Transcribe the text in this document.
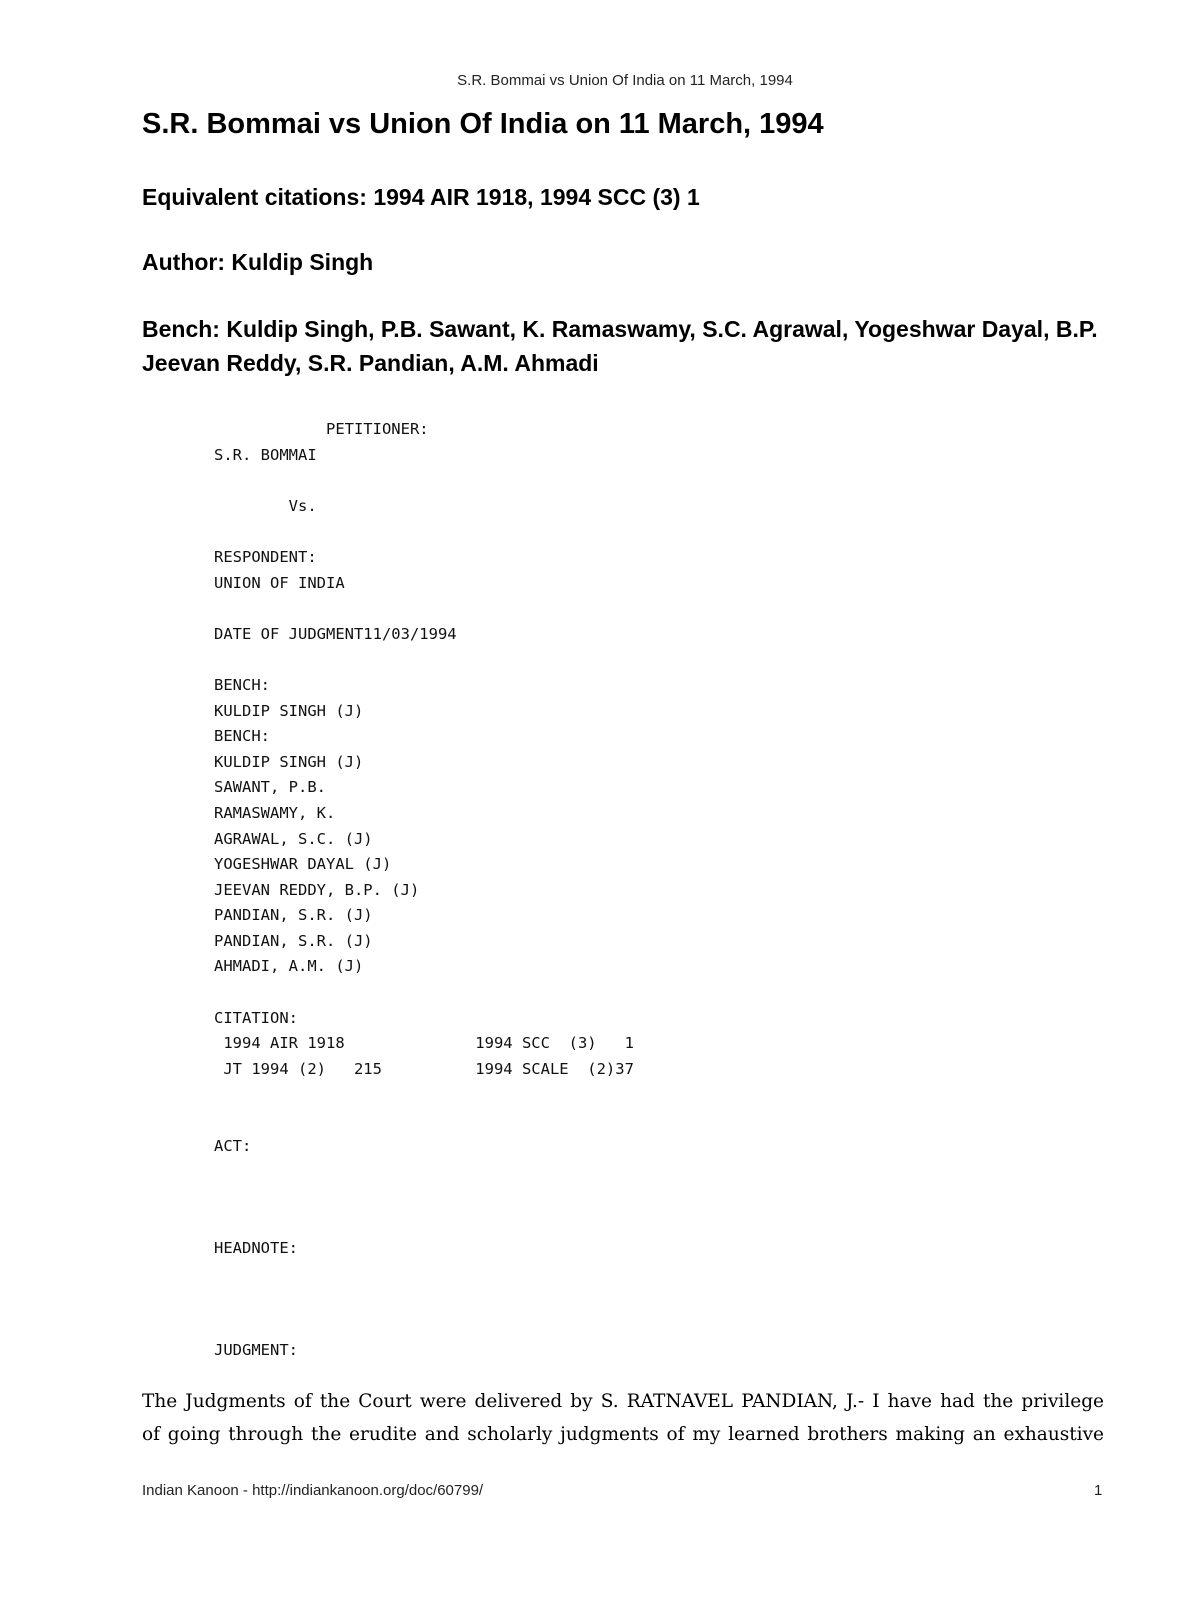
S.R. Bommai vs Union Of India on 11 March, 1994
S.R. Bommai vs Union Of India on 11 March, 1994
Equivalent citations: 1994 AIR 1918, 1994 SCC (3) 1
Author: Kuldip Singh
Bench: Kuldip Singh, P.B. Sawant, K. Ramaswamy, S.C. Agrawal, Yogeshwar Dayal, B.P. Jeevan Reddy, S.R. Pandian, A.M. Ahmadi
PETITIONER:
S.R. BOMMAI
Vs.
RESPONDENT:
UNION OF INDIA
DATE OF JUDGMENT11/03/1994
BENCH:
KULDIP SINGH (J)
BENCH:
KULDIP SINGH (J)
SAWANT, P.B.
RAMASWAMY, K.
AGRAWAL, S.C. (J)
YOGESHWAR DAYAL (J)
JEEVAN REDDY, B.P. (J)
PANDIAN, S.R. (J)
PANDIAN, S.R. (J)
AHMADI, A.M. (J)
CITATION:
1994 AIR 1918              1994 SCC  (3)   1
JT 1994 (2)   215          1994 SCALE  (2)37
ACT:
HEADNOTE:
JUDGMENT:
The Judgments of the Court were delivered by S. RATNAVEL PANDIAN, J.- I have had the privilege
of going through the erudite and scholarly judgments of my learned brothers making an exhaustive
Indian Kanoon - http://indiankanoon.org/doc/60799/	1
